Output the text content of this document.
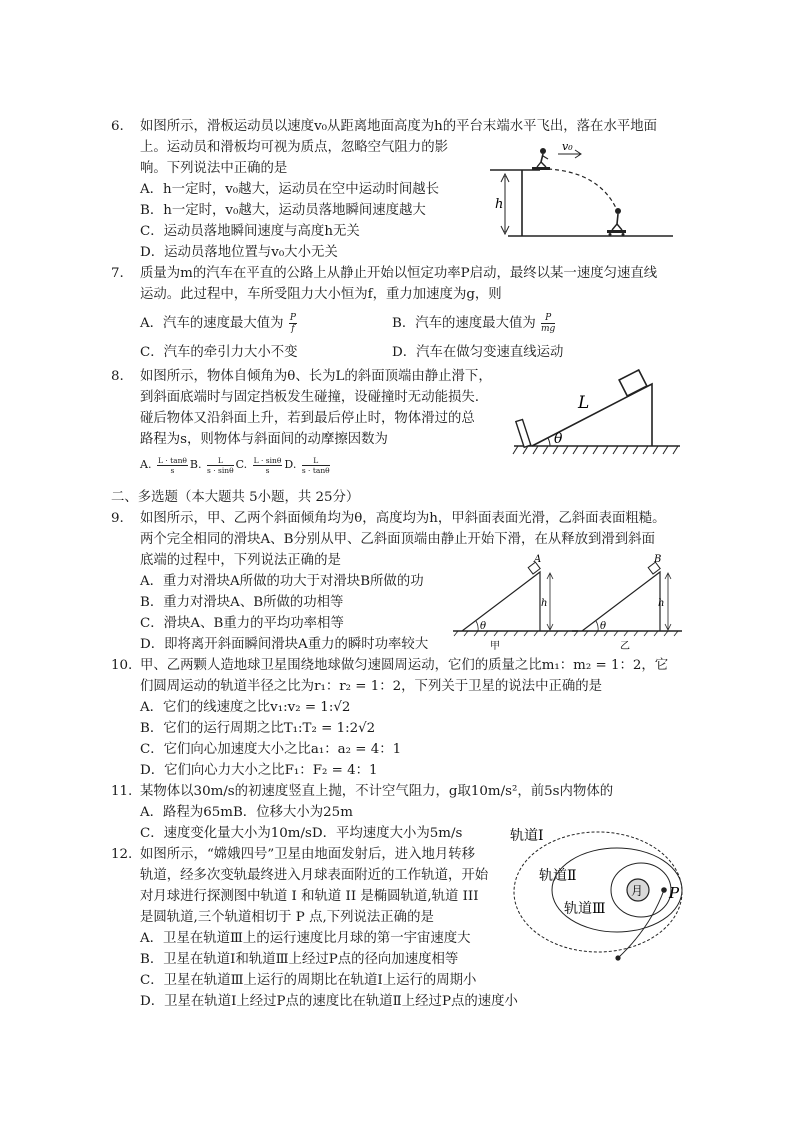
6. 如图所示，滑板运动员以速度v₀从距离地面高度为h的平台末端水平飞出，落在水平地面
上。运动员和滑板均可视为质点，忽略空气阻力的影
响。下列说法中正确的是
A．h一定时，v₀越大，运动员在空中运动时间越长
B．h一定时，v₀越大，运动员落地瞬间速度越大
C．运动员落地瞬间速度与高度h无关
D．运动员落地位置与v₀大小无关
h
v₀
7. 质量为m的汽车在平直的公路上从静止开始以恒定功率P启动，最终以某一速度匀速直线
运动。此过程中，车所受阻力大小恒为f，重力加速度为g，则
A．汽车的速度最大值为 $\frac{P}{f}$	B．汽车的速度最大值为 $\frac{P}{mg}$
C．汽车的牵引力大小不变	D．汽车在做匀变速直线运动
8. 如图所示，物体自倾角为θ、长为L的斜面顶端由静止滑下，
到斜面底端时与固定挡板发生碰撞，设碰撞时无动能损失.
碰后物体又沿斜面上升，若到最后停止时，物体滑过的总
路程为s，则物体与斜面间的动摩擦因数为
A. $\frac{L \cdot \tan\theta}{s} B$. $\frac{L}{s \cdot \sin\theta} C$. $\frac{L \cdot \sin\theta}{s} D$. $\frac{L}{s \cdot \tan\theta}$
L
θ
二、多选题（本大题共 5小题，共 25分）
9. 如图所示，甲、乙两个斜面倾角均为θ，高度均为h，甲斜面表面光滑，乙斜面表面粗糙。
两个完全相同的滑块A、B分别从甲、乙斜面顶端由静止开始下滑，在从释放到滑到斜面
底端的过程中，下列说法正确的是
A．重力对滑块A所做的功大于对滑块B所做的功
B．重力对滑块A、B所做的功相等
C．滑块A、B重力的平均功率相等
D．即将离开斜面瞬间滑块A重力的瞬时功率较大
A
h
θ
甲
B
h
θ
乙
10. 甲、乙两颗人造地球卫星围绕地球做匀速圆周运动，它们的质量之比m₁：m₂ = 1：2，它
们圆周运动的轨道半径之比为r₁：r₂ = 1：2，下列关于卫星的说法中正确的是
A．它们的线速度之比v₁:v₂ = 1:√2
B．它们的运行周期之比T₁:T₂ = 1:2√2
C．它们向心加速度大小之比a₁：a₂ = 4：1
D．它们向心力大小之比F₁：F₂ = 4：1
11. 某物体以30m/s的初速度竖直上抛，不计空气阻力，g取10m/s²，前5s内物体的
A．路程为65mB．位移大小为25m
C．速度变化量大小为10m/sD．平均速度大小为5m/s
12. 如图所示，“嫦娥四号”卫星由地面发射后，进入地月转移
轨道，经多次变轨最终进入月球表面附近的工作轨道，开始
对月球进行探测图中轨道 I 和轨道 II 是椭圆轨道,轨道 III
是圆轨道,三个轨道相切于 P 点,下列说法正确的是
A．卫星在轨道Ⅲ上的运行速度比月球的第一宇宙速度大
B．卫星在轨道Ⅰ和轨道Ⅲ上经过P点的径向加速度相等
C．卫星在轨道Ⅲ上运行的周期比在轨道Ⅰ上运行的周期小
D．卫星在轨道Ⅰ上经过P点的速度比在轨道Ⅱ上经过P点的速度小
月 P
轨道Ⅰ
轨道Ⅱ
轨道Ⅲ
